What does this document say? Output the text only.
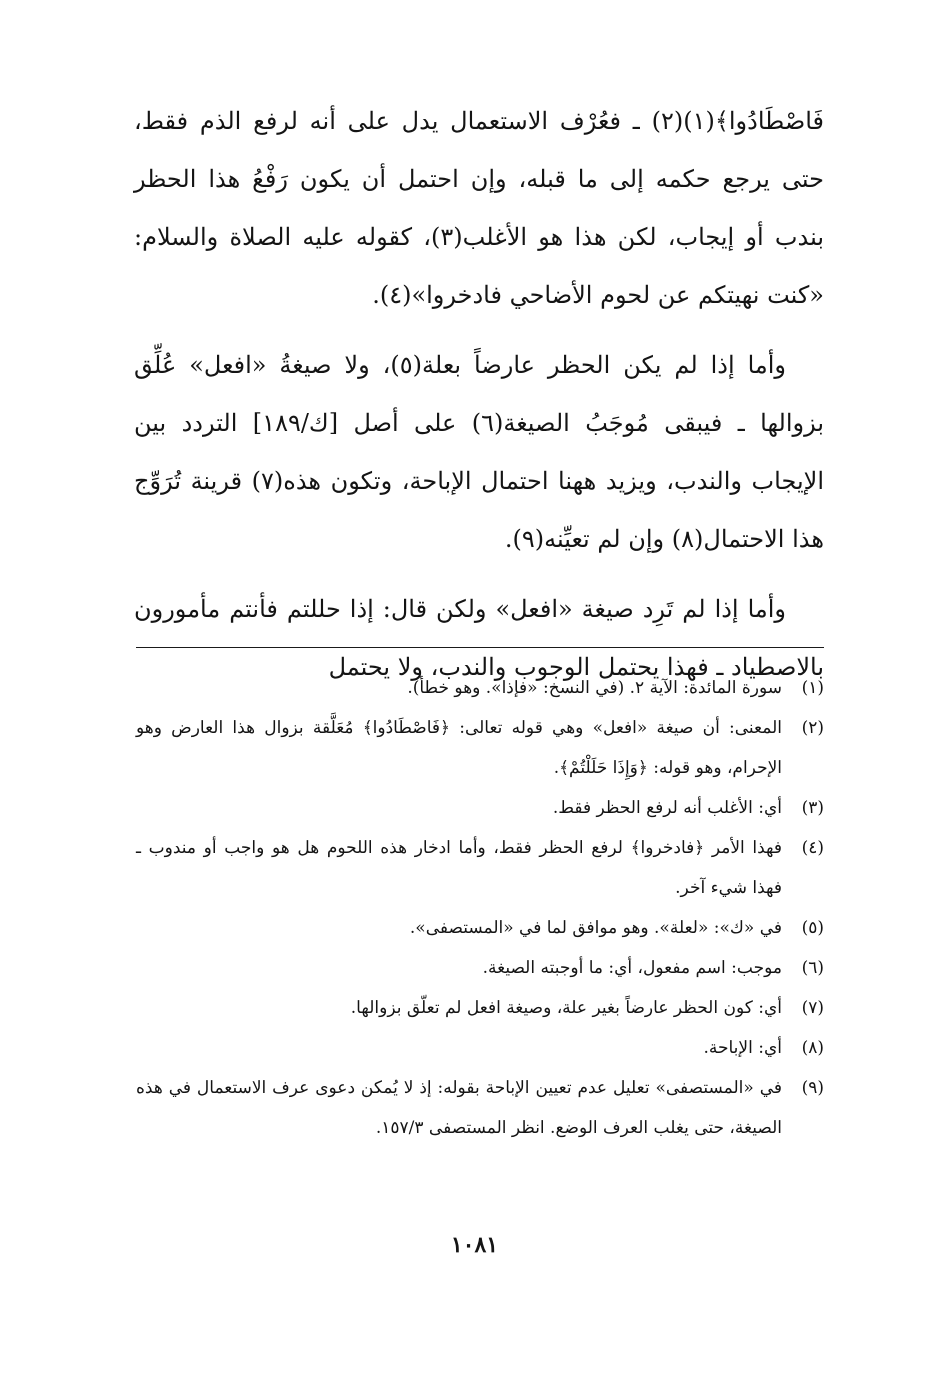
فَاصْطَادُوا﴾(١)(٢) ـ فعُرْف الاستعمال يدل على أنه لرفع الذم فقط، حتى يرجع حكمه إلى ما قبله، وإن احتمل أن يكون رَفْعُ هذا الحظر بندب أو إيجاب، لكن هذا هو الأغلب(٣)، كقوله عليه الصلاة والسلام: «كنت نهيتكم عن لحوم الأضاحي فادخروا»(٤).

وأما إذا لم يكن الحظر عارضاً بعلة(٥)، ولا صيغةُ «افعل» عُلِّق بزوالها ـ فيبقى مُوجَبُ الصيغة(٦) على أصل [ك/١٨٩] التردد بين الإيجاب والندب، ويزيد ههنا احتمال الإباحة، وتكون هذه(٧) قرينة تُرَوِّج هذا الاحتمال(٨) وإن لم تعيِّنه(٩).

وأما إذا لم تَرِد صيغة «افعل» ولكن قال: إذا حللتم فأنتم مأمورون بالاصطياد ـ فهذا يحتمل الوجوب والندب، ولا يحتمل

(١)
سورة المائدة: الآية ٢. (في النسخ: «فإذا». وهو خطأ).
(٢)
المعنى: أن صيغة «افعل» وهي قوله تعالى: ﴿فَاصْطَادُوا﴾ مُعَلَّقة بزوال هذا العارض وهو الإحرام، وهو قوله: ﴿وَإِذَا حَلَلْتُمْ﴾.
(٣)
أي: الأغلب أنه لرفع الحظر فقط.
(٤)
فهذا الأمر ﴿فادخروا﴾ لرفع الحظر فقط، وأما ادخار هذه اللحوم هل هو واجب أو مندوب ـ فهذا شيء آخر.
(٥)
في «ك»: «لعلة». وهو موافق لما في «المستصفى».
(٦)
موجب: اسم مفعول، أي: ما أوجبته الصيغة.
(٧)
أي: كون الحظر عارضاً بغير علة، وصيغة افعل لم تعلّق بزوالها.
(٨)
أي: الإباحة.
(٩)
في «المستصفى» تعليل عدم تعيين الإباحة بقوله: إذ لا يُمكن دعوى عرف الاستعمال في هذه الصيغة، حتى يغلب العرف الوضع. انظر المستصفى ١٥٧/٣.
١٠٨١
